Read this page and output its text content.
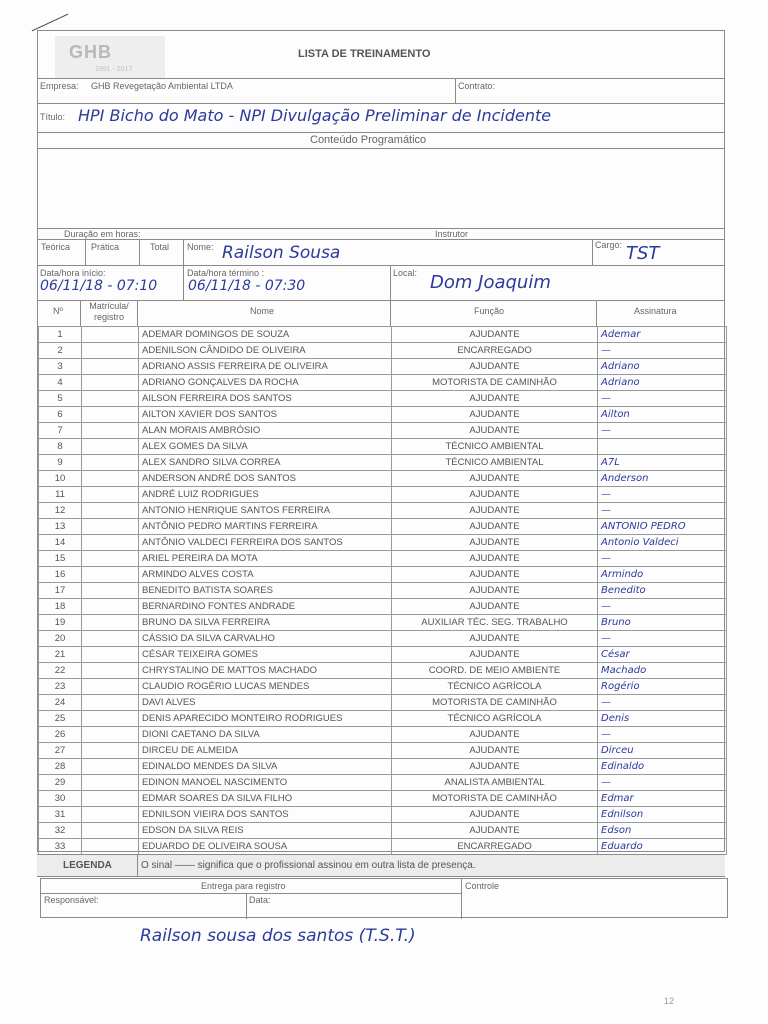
GHB
1991 - 2017
LISTA DE TREINAMENTO
Empresa: GHB Revegetação Ambiental LTDA	Contrato:
Título: HPI Bicho do Mato - NPI Divulgação Preliminar de Incidente
Conteúdo Programático
Duração em horas:	Instrutor
Teórica Prática	Total Nome: Railson Sousa	Cargo: TST
Data/hora início:
06/11/18 - 07:10
Data/hora término :
06/11/18 - 07:30
Local: Dom Joaquim
Nº	Matrícula/ registro
Nome	Função	Assinatura
1		ADEMAR DOMINGOS DE SOUZA	AJUDANTE	Ademar
2		ADENILSON CÂNDIDO DE OLIVEIRA	ENCARREGADO	—
3		ADRIANO ASSIS FERREIRA DE OLIVEIRA	AJUDANTE	Adriano
4		ADRIANO GONÇALVES DA ROCHA	MOTORISTA DE CAMINHÃO	Adriano
5		AILSON FERREIRA DOS SANTOS	AJUDANTE	—
6		AILTON XAVIER DOS SANTOS	AJUDANTE	Ailton
7		ALAN MORAIS AMBRÓSIO	AJUDANTE	—
8		ALEX GOMES DA SILVA	TÉCNICO AMBIENTAL	
9		ALEX SANDRO SILVA CORREA	TÉCNICO AMBIENTAL	A7L
10		ANDERSON ANDRÉ DOS SANTOS	AJUDANTE	Anderson
11		ANDRÉ LUIZ RODRIGUES	AJUDANTE	—
12		ANTONIO HENRIQUE SANTOS FERREIRA	AJUDANTE	—
13		ANTÔNIO PEDRO MARTINS FERREIRA	AJUDANTE	ANTONIO PEDRO
14		ANTÔNIO VALDECI FERREIRA DOS SANTOS	AJUDANTE	Antonio Valdeci
15		ARIEL PEREIRA DA MOTA	AJUDANTE	—
16		ARMINDO ALVES COSTA	AJUDANTE	Armindo
17		BENEDITO BATISTA SOARES	AJUDANTE	Benedito
18		BERNARDINO FONTES ANDRADE	AJUDANTE	—
19		BRUNO DA SILVA FERREIRA	AUXILIAR TÉC. SEG. TRABALHO	Bruno
20		CÁSSIO DA SILVA CARVALHO	AJUDANTE	—
21		CÉSAR TEIXEIRA GOMES	AJUDANTE	César
22		CHRYSTALINO DE MATTOS MACHADO	COORD. DE MEIO AMBIENTE	Machado
23		CLAUDIO ROGÉRIO LUCAS MENDES	TÉCNICO AGRÍCOLA	Rogério
24		DAVI ALVES	MOTORISTA DE CAMINHÃO	—
25		DENIS APARECIDO MONTEIRO RODRIGUES	TÉCNICO AGRÍCOLA	Denis
26		DIONI CAETANO DA SILVA	AJUDANTE	—
27		DIRCEU DE ALMEIDA	AJUDANTE	Dirceu
28		EDINALDO MENDES DA SILVA	AJUDANTE	Edinaldo
29		EDINON MANOEL NASCIMENTO	ANALISTA AMBIENTAL	—
30		EDMAR SOARES DA SILVA FILHO	MOTORISTA DE CAMINHÃO	Edmar
31		EDNILSON VIEIRA DOS SANTOS	AJUDANTE	Ednilson
32		EDSON DA SILVA REIS	AJUDANTE	Edson
33		EDUARDO DE OLIVEIRA SOUSA	ENCARREGADO	Eduardo
LEGENDA	O sinal —— significa que o profissional assinou em outra lista de presença.
Entrega para registro	Controle
Responsável:	Data:
Railson sousa dos santos (T.S.T.)
12
